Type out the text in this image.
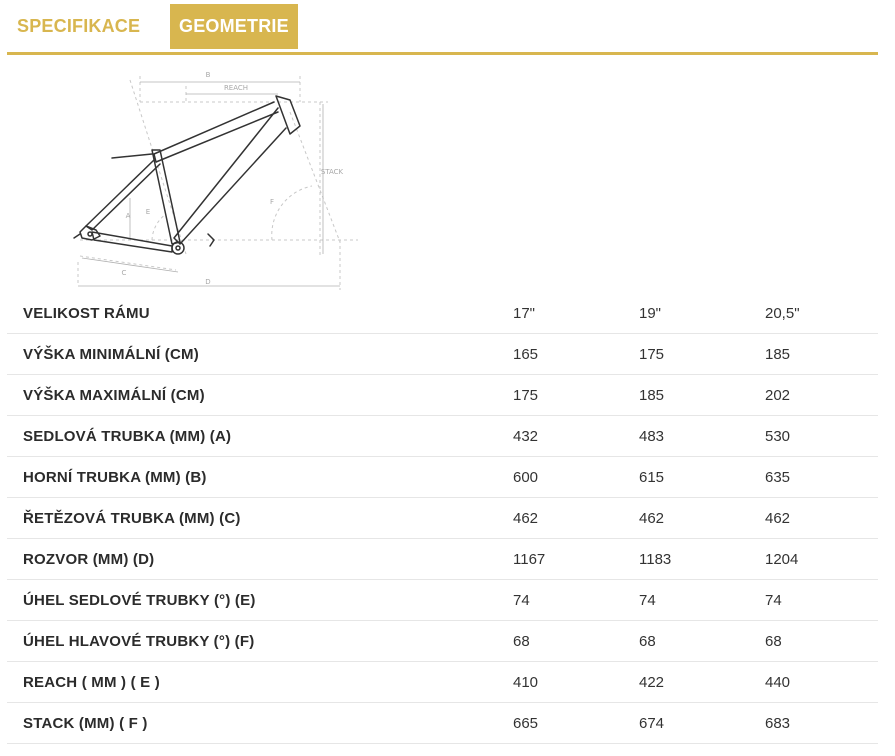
SPECIFIKACE	GEOMETRIE
B
REACH
STACK
A E
F
C
D
VELIKOST RÁMU	17"	19"	20,5"
VÝŠKA MINIMÁLNÍ (CM)	165	175	185
VÝŠKA MAXIMÁLNÍ (CM)	175	185	202
SEDLOVÁ TRUBKA (MM) (A)	432	483	530
HORNÍ TRUBKA (MM) (B)	600	615	635
ŘETĚZOVÁ TRUBKA (MM) (C)	462	462	462
ROZVOR (MM) (D)	1167	1183	1204
ÚHEL SEDLOVÉ TRUBKY (°) (E)	74	74	74
ÚHEL HLAVOVÉ TRUBKY (°) (F)	68	68	68
REACH ( MM ) ( E )	410	422	440
STACK (MM) ( F )	665	674	683
